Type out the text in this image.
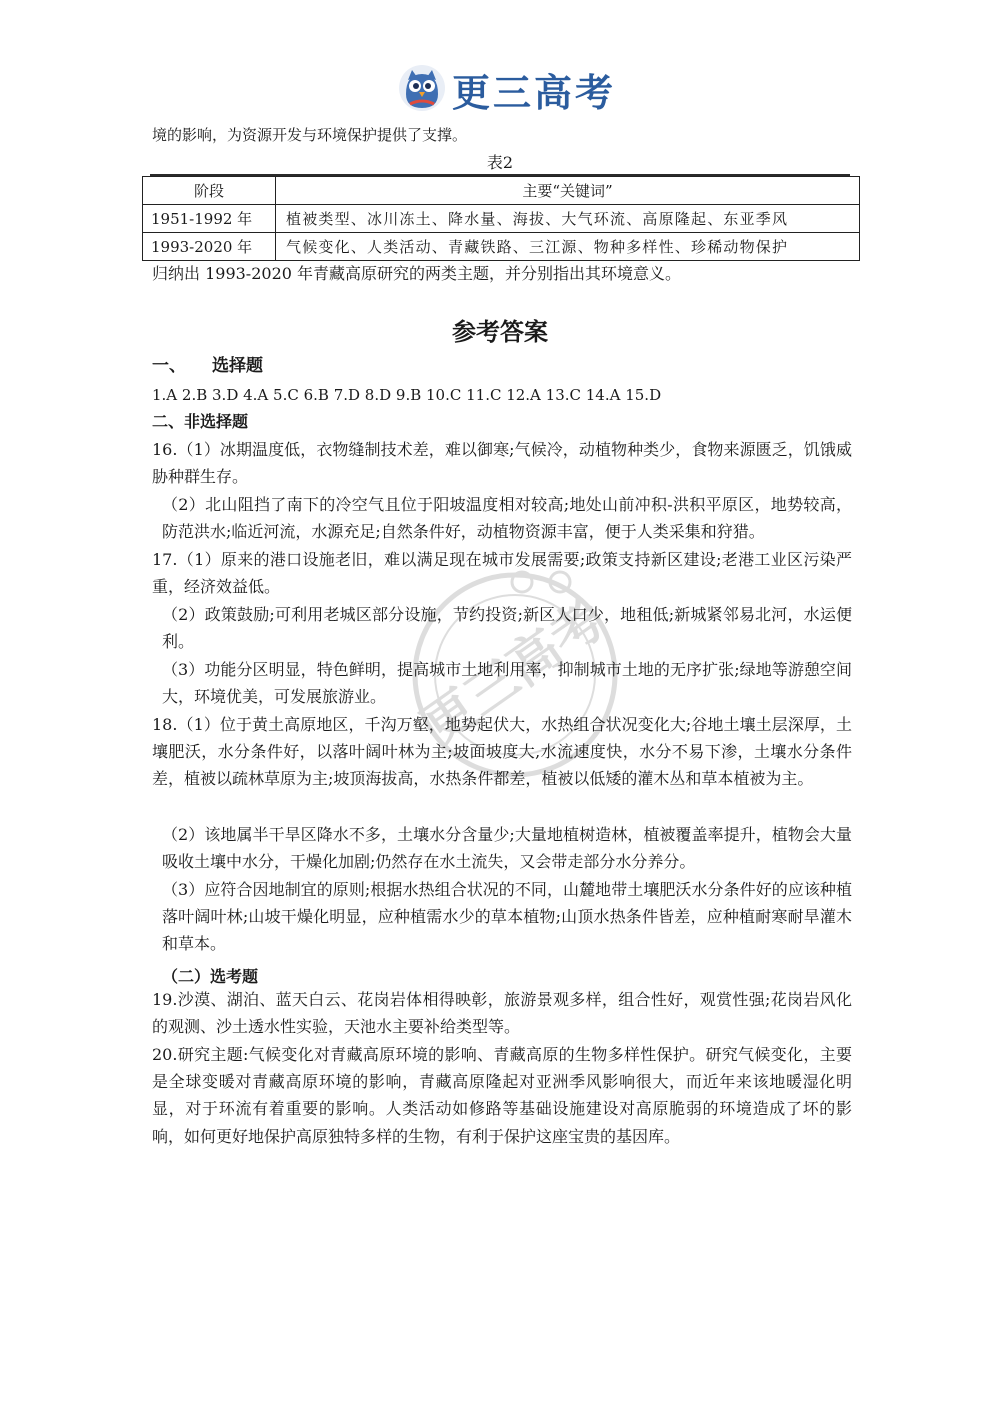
更三高考
境的影响，为资源开发与环境保护提供了支撑。
表2
阶段	主要“关键词”
1951-1992 年	植被类型、冰川冻土、降水量、海拔、大气环流、高原隆起、东亚季风
1993-2020 年	气候变化、人类活动、青藏铁路、三江源、物种多样性、珍稀动物保护
归纳出 1993-2020 年青藏高原研究的两类主题，并分别指出其环境意义。
参考答案
一、 选择题
1.A 2.B 3.D 4.A 5.C 6.B 7.D 8.D 9.B 10.C 11.C 12.A 13.C 14.A 15.D
二、非选择题
16.（1）冰期温度低，衣物缝制技术差，难以御寒;气候冷，动植物种类少，食物来源匮乏，饥饿威胁种群生存。
（2）北山阻挡了南下的冷空气且位于阳坡温度相对较高;地处山前冲积-洪积平原区，地势较高，防范洪水;临近河流，水源充足;自然条件好，动植物资源丰富，便于人类采集和狩猎。
17.（1）原来的港口设施老旧，难以满足现在城市发展需要;政策支持新区建设;老港工业区污染严重，经济效益低。
（2）政策鼓励;可利用老城区部分设施，节约投资;新区人口少，地租低;新城紧邻易北河，水运便利。
（3）功能分区明显，特色鲜明，提高城市土地利用率，抑制城市土地的无序扩张;绿地等游憩空间大，环境优美，可发展旅游业。
18.（1）位于黄土高原地区，千沟万壑，地势起伏大，水热组合状况变化大;谷地土壤土层深厚，土壤肥沃，水分条件好，以落叶阔叶林为主;坡面坡度大,水流速度快，水分不易下渗，土壤水分条件差，植被以疏林草原为主;坡顶海拔高，水热条件都差，植被以低矮的灌木丛和草本植被为主。
（2）该地属半干旱区降水不多，土壤水分含量少;大量地植树造林，植被覆盖率提升，植物会大量吸收土壤中水分，干燥化加剧;仍然存在水土流失，又会带走部分水分养分。
（3）应符合因地制宜的原则;根据水热组合状况的不同，山麓地带土壤肥沃水分条件好的应该种植落叶阔叶林;山坡干燥化明显，应种植需水少的草本植物;山顶水热条件皆差，应种植耐寒耐旱灌木和草本。
（二）选考题
19.沙漠、湖泊、蓝天白云、花岗岩体相得映彰，旅游景观多样，组合性好，观赏性强;花岗岩风化的观测、沙土透水性实验，天池水主要补给类型等。
20.研究主题:气候变化对青藏高原环境的影响、青藏高原的生物多样性保护。研究气候变化，主要是全球变暖对青藏高原环境的影响，青藏高原隆起对亚洲季风影响很大，而近年来该地暖湿化明显，对于环流有着重要的影响。人类活动如修路等基础设施建设对高原脆弱的环境造成了坏的影响，如何更好地保护高原独特多样的生物，有利于保护这座宝贵的基因库。
更三高考
